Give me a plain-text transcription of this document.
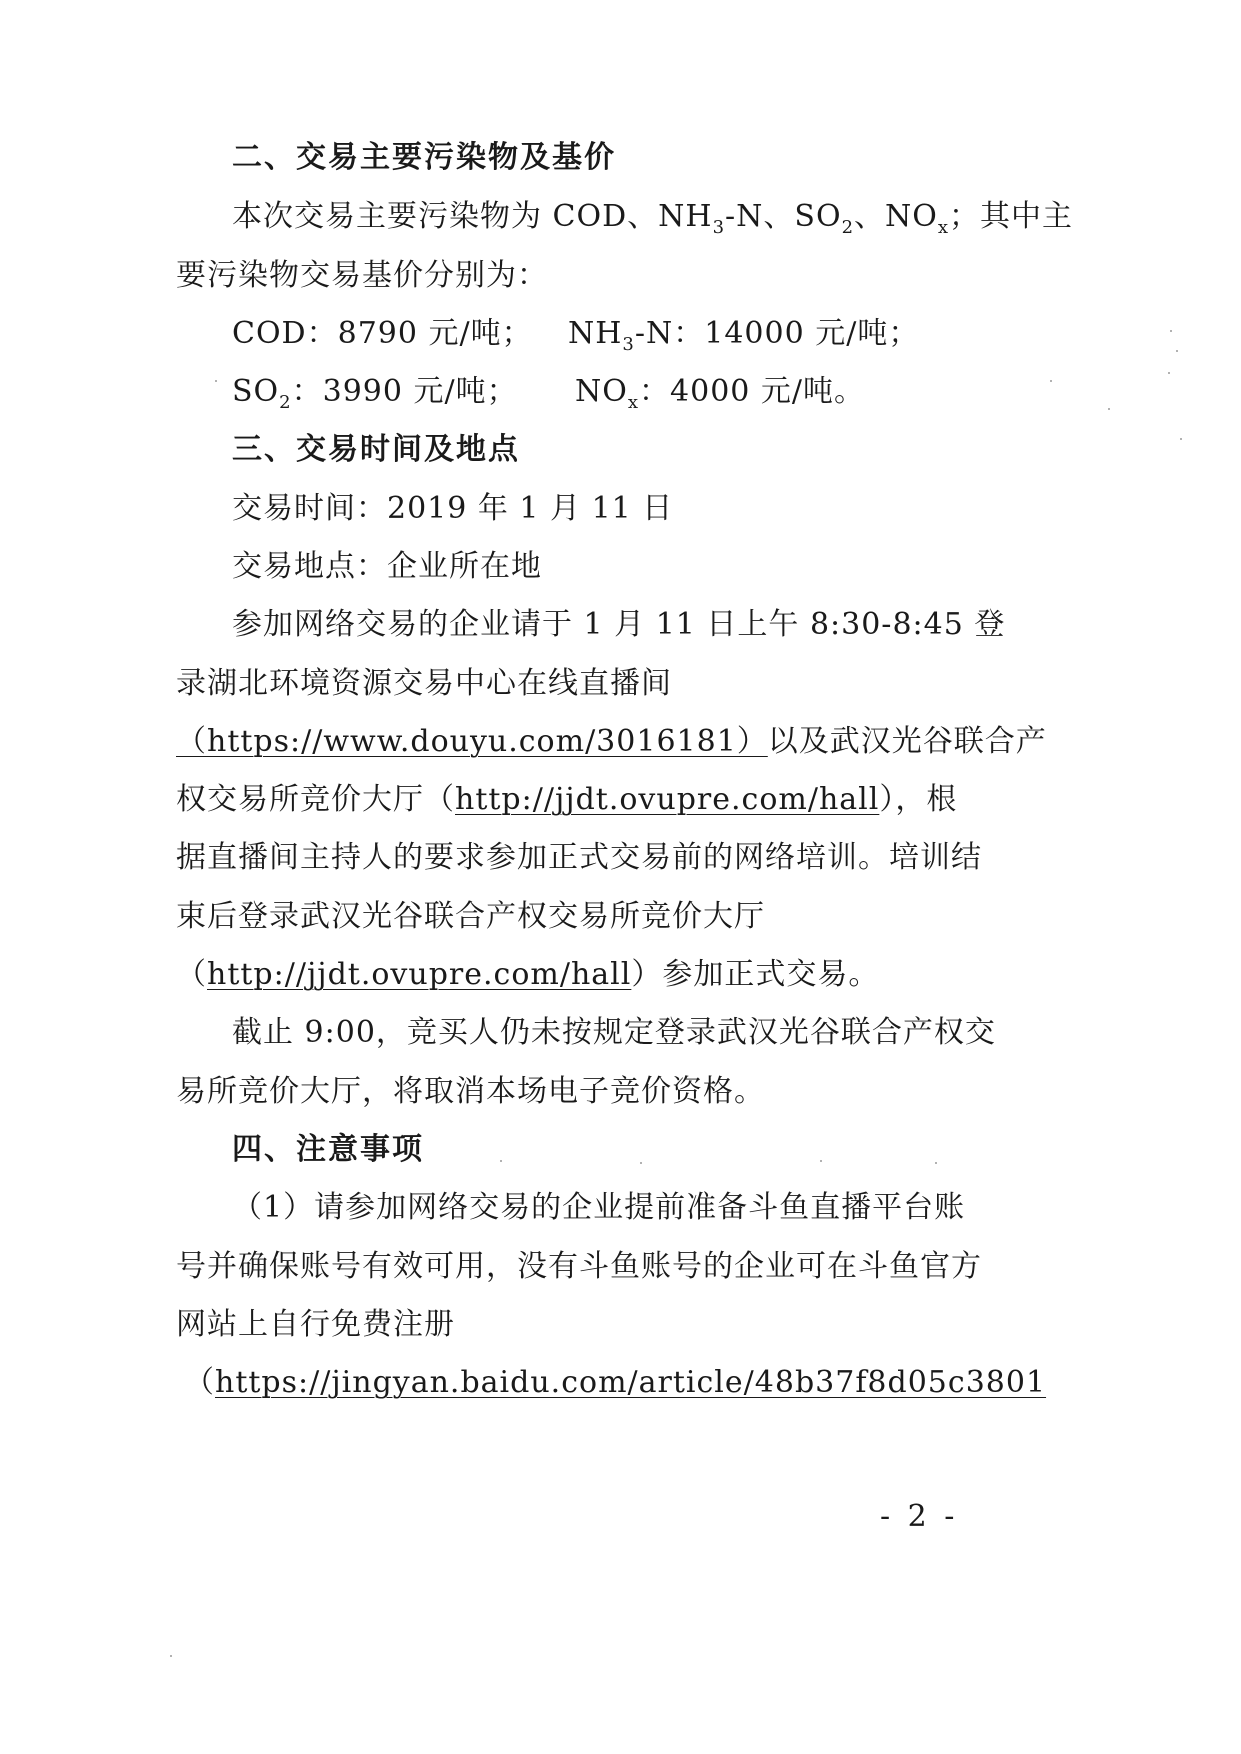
二、交易主要污染物及基价
本次交易主要污染物为 COD、$NH_3-N$、$SO_2$、$NO_x$；其中主
要污染物交易基价分别为：
COD：8790 元/吨； $NH_3-N$：14000 元/吨；
$SO_2$：3990 元/吨； $NO_x$：4000 元/吨。
三、交易时间及地点
交易时间：2019 年 1 月 11 日
交易地点：企业所在地
参加网络交易的企业请于 1 月 11 日上午 8:30-8:45 登
录湖北环境资源交易中心在线直播间
（https://www.douyu.com/3016181）以及武汉光谷联合产
权交易所竞价大厅（http://jjdt.ovupre.com/hall），根
据直播间主持人的要求参加正式交易前的网络培训。培训结
束后登录武汉光谷联合产权交易所竞价大厅
（http://jjdt.ovupre.com/hall）参加正式交易。
截止 9:00，竞买人仍未按规定登录武汉光谷联合产权交
易所竞价大厅，将取消本场电子竞价资格。
四、注意事项
（1）请参加网络交易的企业提前准备斗鱼直播平台账
号并确保账号有效可用，没有斗鱼账号的企业可在斗鱼官方
网站上自行免费注册
（https://jingyan.baidu.com/article/48b37f8d05c3801
- 2 -
